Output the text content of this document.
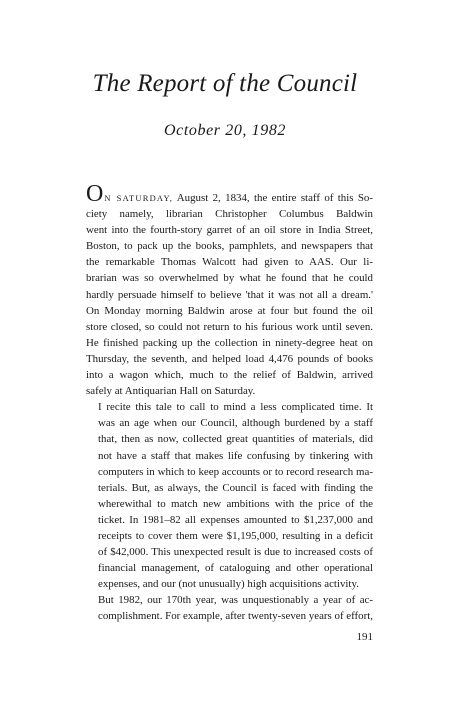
The Report of the Council
October 20, 1982

ON SATURDAY, August 2, 1834, the entire staff of this So-
ciety namely, librarian Christopher Columbus Baldwin
went into the fourth-story garret of an oil store in India Street,
Boston, to pack up the books, pamphlets, and newspapers that
the remarkable Thomas Walcott had given to AAS. Our li-
brarian was so overwhelmed by what he found that he could
hardly persuade himself to believe 'that it was not all a dream.'
On Monday morning Baldwin arose at four but found the oil
store closed, so could not return to his furious work until seven.
He finished packing up the collection in ninety-degree heat on
Thursday, the seventh, and helped load 4,476 pounds of books
into a wagon which, much to the relief of Baldwin, arrived
safely at Antiquarian Hall on Saturday.

I recite this tale to call to mind a less complicated time. It
was an age when our Council, although burdened by a staff
that, then as now, collected great quantities of materials, did
not have a staff that makes life confusing by tinkering with
computers in which to keep accounts or to record research ma-
terials. But, as always, the Council is faced with finding the
wherewithal to match new ambitions with the price of the
ticket. In 1981–82 all expenses amounted to $1,237,000 and
receipts to cover them were $1,195,000, resulting in a deficit
of $42,000. This unexpected result is due to increased costs of
financial management, of cataloguing and other operational
expenses, and our (not unusually) high acquisitions activity.

But 1982, our 170th year, was unquestionably a year of ac-
complishment. For example, after twenty-seven years of effort,

191
